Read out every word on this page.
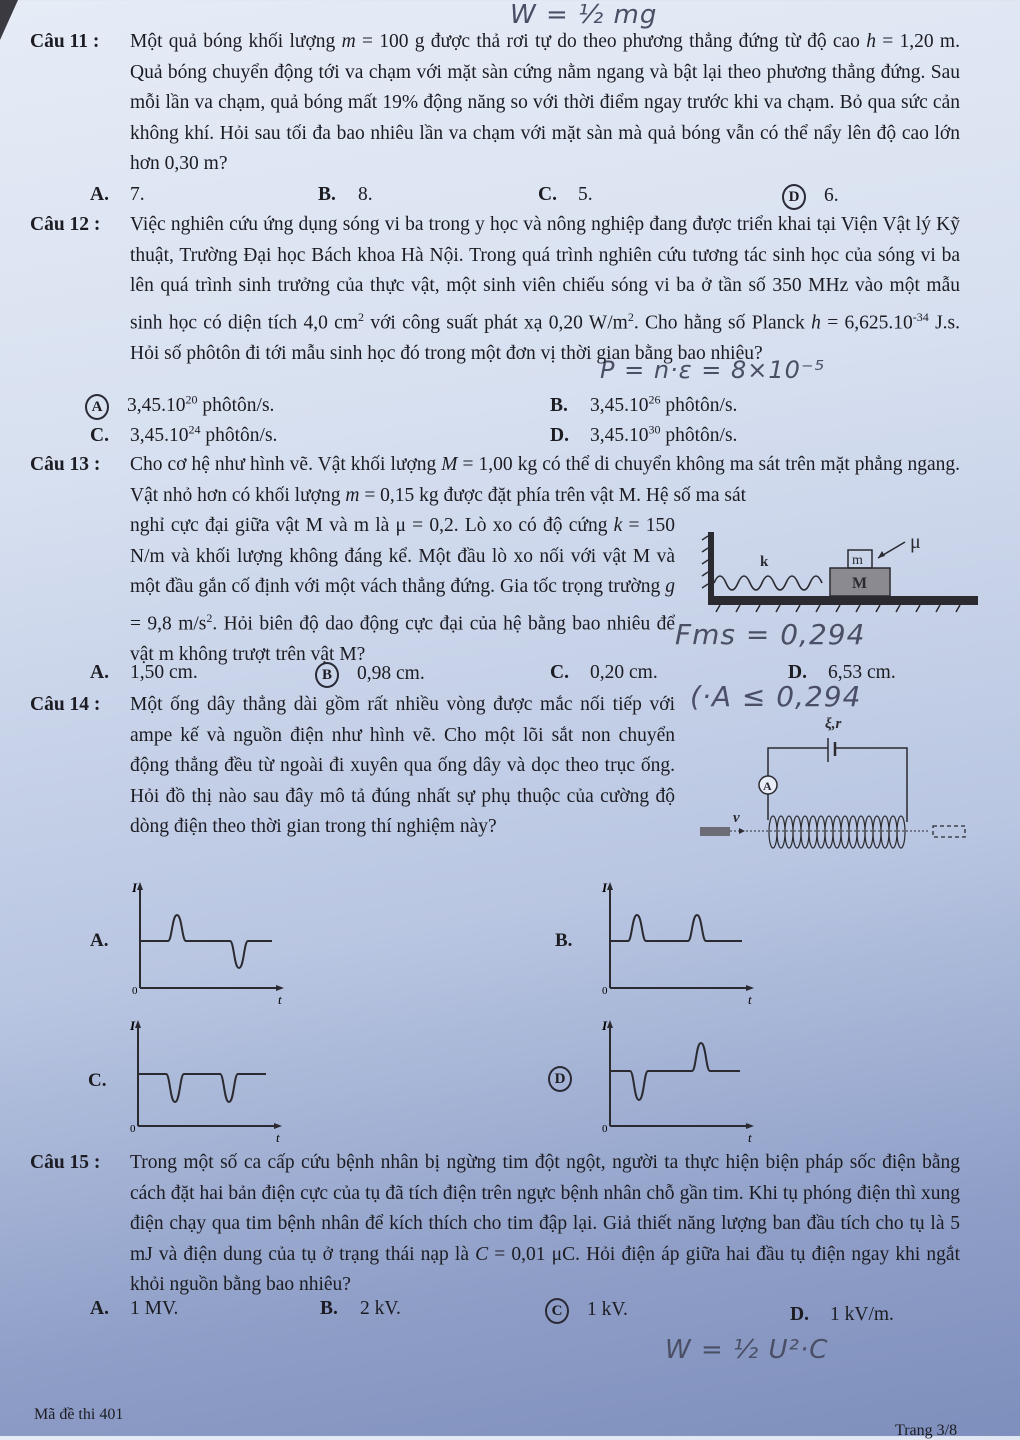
W = ½ mg
P = n·ε = 8×10⁻⁵
Fms = 0,294
(·A ≤ 0,294
W = ½ U²·C
Câu 11 : Một quả bóng khối lượng m = 100 g được thả rơi tự do theo phương thẳng đứng từ độ cao h = 1,20 m. Quả bóng chuyển động tới va chạm với mặt sàn cứng nằm ngang và bật lại theo phương thẳng đứng. Sau mỗi lần va chạm, quả bóng mất 19% động năng so với thời điểm ngay trước khi va chạm. Bỏ qua sức cản không khí. Hỏi sau tối đa bao nhiêu lần va chạm với mặt sàn mà quả bóng vẫn có thể nẩy lên độ cao lớn hơn 0,30 m?
A. 7.	B. 8.	C. 5.	D 6.
Câu 12 : Việc nghiên cứu ứng dụng sóng vi ba trong y học và nông nghiệp đang được triển khai tại Viện Vật lý Kỹ thuật, Trường Đại học Bách khoa Hà Nội. Trong quá trình nghiên cứu tương tác sinh học của sóng vi ba lên quá trình sinh trưởng của thực vật, một sinh viên chiếu sóng vi ba ở tần số 350 MHz vào một mẫu sinh học có diện tích 4,0 $cm^2$ với công suất phát xạ 0,20 $W/m^2$. Cho hằng số Planck $h = 6,625.10^{-34}$ J.s. Hỏi số phôtôn đi tới mẫu sinh học đó trong một đơn vị thời gian bằng bao nhiêu?
A 3,45.10$^{20}$ phôtôn/s.	B. 3,45.10$^{26}$ phôtôn/s.
C. 3,45.10$^{24}$ phôtôn/s.	D. 3,45.10$^{30}$ phôtôn/s.
Câu 13 : Cho cơ hệ như hình vẽ. Vật khối lượng M = 1,00 kg có thể di chuyển không ma sát trên mặt phẳng ngang. Vật nhỏ hơn có khối lượng m = 0,15 kg được đặt phía trên vật M. Hệ số ma sát
nghỉ cực đại giữa vật M và m là μ = 0,2. Lò xo có độ cứng k = 150 N/m và khối lượng không đáng kể. Một đầu lò xo nối với vật M và một đầu gắn cố định với một vách thẳng đứng. Gia tốc trọng trường g = 9,8 $m/s^2$. Hỏi biên độ dao động cực đại của hệ bằng bao nhiêu để vật m không trượt trên vật M?
k
M
m
μ
A. 1,50 cm.	B 0,98 cm.	C. 0,20 cm.	D. 6,53 cm.
Câu 14 : Một ống dây thẳng dài gồm rất nhiều vòng được mắc nối tiếp với ampe kế và nguồn điện như hình vẽ. Cho một lõi sắt non chuyển động thẳng đều từ ngoài đi xuyên qua ống dây và dọc theo trục ống. Hỏi đồ thị nào sau đây mô tả đúng nhất sự phụ thuộc của cường độ dòng điện theo thời gian trong thí nghiệm này?
ξ,r
A
v⃗
A.
I
0
t
B.
I
0
t
C.
I
0
t
D
I
0
t
Câu 15 : Trong một số ca cấp cứu bệnh nhân bị ngừng tim đột ngột, người ta thực hiện biện pháp sốc điện bằng cách đặt hai bản điện cực của tụ đã tích điện trên ngực bệnh nhân chỗ gần tim. Khi tụ phóng điện thì xung điện chạy qua tim bệnh nhân để kích thích cho tim đập lại. Giả thiết năng lượng ban đầu tích cho tụ là 5 mJ và điện dung của tụ ở trạng thái nạp là C = 0,01 μC. Hỏi điện áp giữa hai đầu tụ điện ngay khi ngắt khỏi nguồn bằng bao nhiêu?
A. 1 MV.	B. 2 kV.	C 1 kV.	D. 1 kV/m.
Mã đề thi 401
Trang 3/8
